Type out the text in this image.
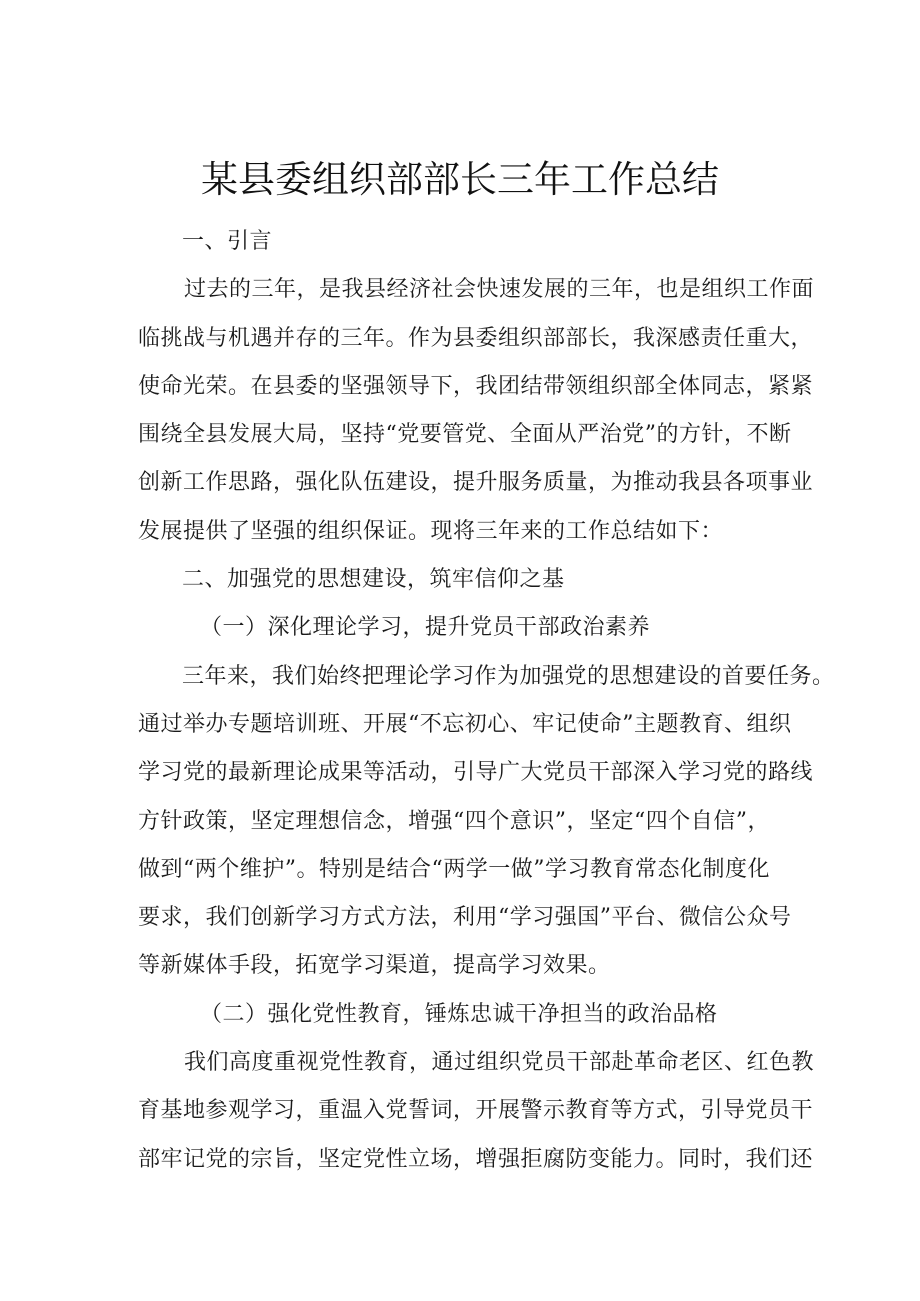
某县委组织部部长三年工作总结

一、引言

过去的三年，是我县经济社会快速发展的三年，也是组织工作面

临挑战与机遇并存的三年。作为县委组织部部长，我深感责任重大，

使命光荣。在县委的坚强领导下，我团结带领组织部全体同志，紧紧

围绕全县发展大局，坚持“党要管党、全面从严治党”的方针，不断

创新工作思路，强化队伍建设，提升服务质量，为推动我县各项事业

发展提供了坚强的组织保证。现将三年来的工作总结如下：

二、加强党的思想建设，筑牢信仰之基

（一）深化理论学习，提升党员干部政治素养

三年来，我们始终把理论学习作为加强党的思想建设的首要任务。

通过举办专题培训班、开展“不忘初心、牢记使命”主题教育、组织

学习党的最新理论成果等活动，引导广大党员干部深入学习党的路线

方针政策，坚定理想信念，增强“四个意识”，坚定“四个自信”，

做到“两个维护”。特别是结合“两学一做”学习教育常态化制度化

要求，我们创新学习方式方法，利用“学习强国”平台、微信公众号

等新媒体手段，拓宽学习渠道，提高学习效果。

（二）强化党性教育，锤炼忠诚干净担当的政治品格

我们高度重视党性教育，通过组织党员干部赴革命老区、红色教

育基地参观学习，重温入党誓词，开展警示教育等方式，引导党员干

部牢记党的宗旨，坚定党性立场，增强拒腐防变能力。同时，我们还
